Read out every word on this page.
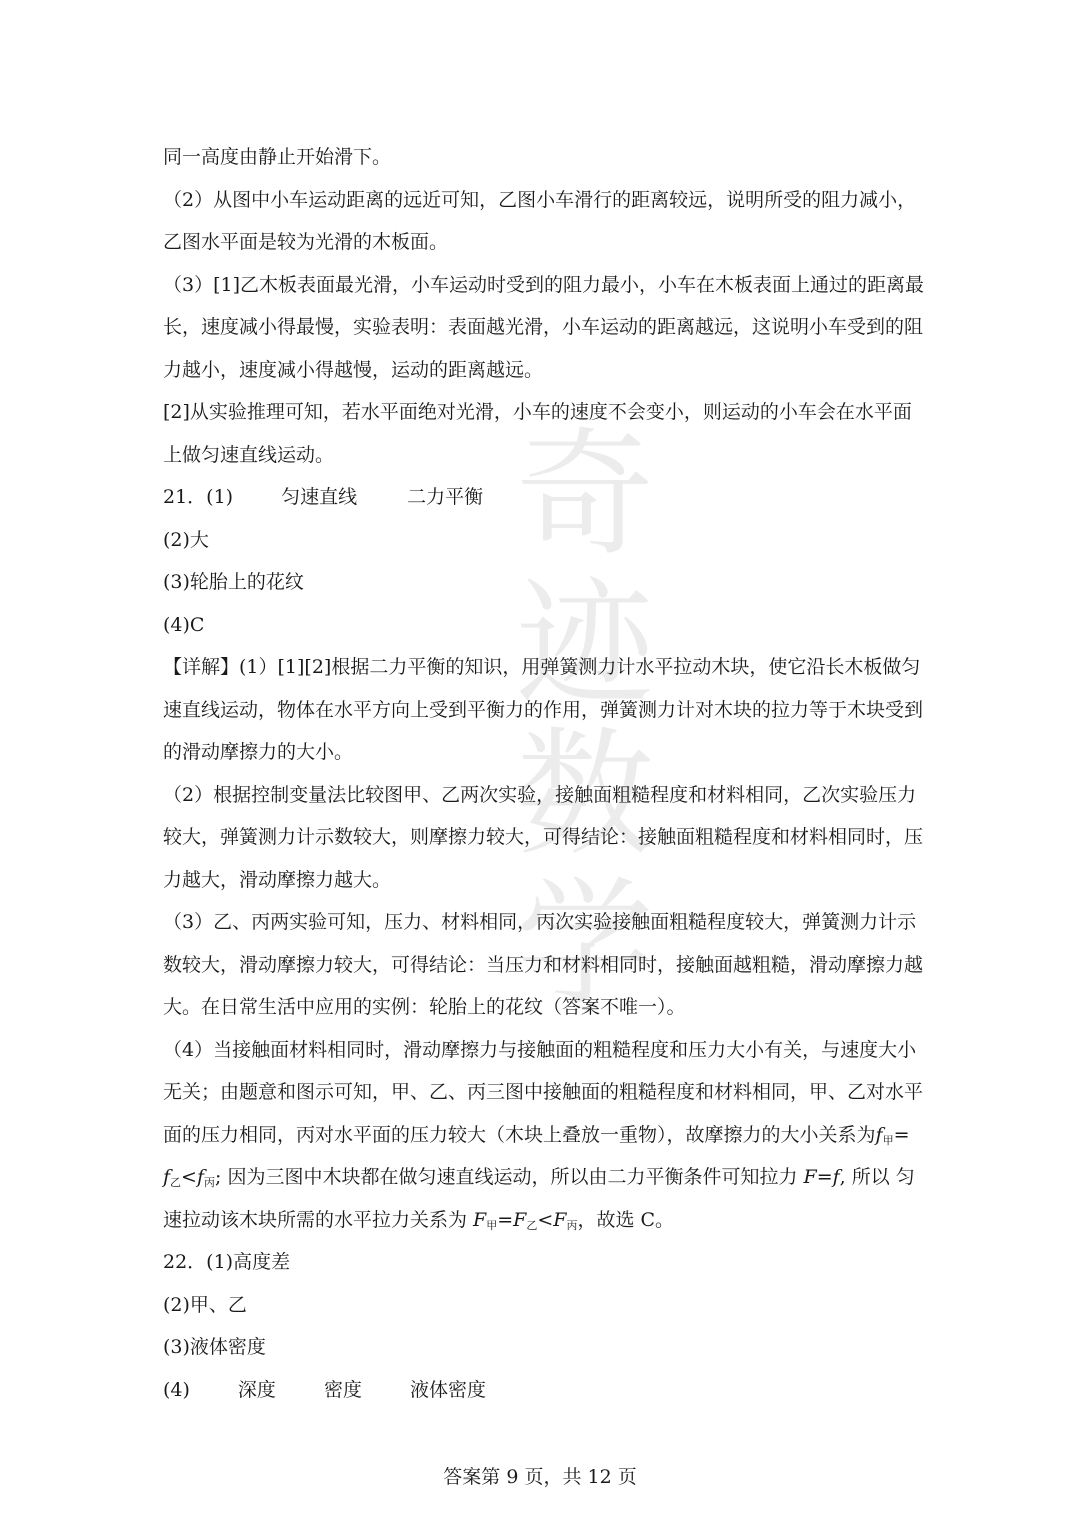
奇
迹
数
学
同一高度由静止开始滑下。
（2）从图中小车运动距离的远近可知，乙图小车滑行的距离较远，说明所受的阻力减小，
乙图水平面是较为光滑的木板面。
（3）[1]乙木板表面最光滑，小车运动时受到的阻力最小，小车在木板表面上通过的距离最
长，速度减小得最慢，实验表明：表面越光滑，小车运动的距离越远，这说明小车受到的阻
力越小，速度减小得越慢，运动的距离越远。
[2]从实验推理可知，若水平面绝对光滑，小车的速度不会变小，则运动的小车会在水平面
上做匀速直线运动。
21．(1)	匀速直线	二力平衡
(2)大
(3)轮胎上的花纹
(4)C
【详解】(1）[1][2]根据二力平衡的知识，用弹簧测力计水平拉动木块，使它沿长木板做匀
速直线运动，物体在水平方向上受到平衡力的作用，弹簧测力计对木块的拉力等于木块受到
的滑动摩擦力的大小。
（2）根据控制变量法比较图甲、乙两次实验，接触面粗糙程度和材料相同，乙次实验压力
较大，弹簧测力计示数较大，则摩擦力较大，可得结论：接触面粗糙程度和材料相同时，压
力越大，滑动摩擦力越大。
（3）乙、丙两实验可知，压力、材料相同，丙次实验接触面粗糙程度较大，弹簧测力计示
数较大，滑动摩擦力较大，可得结论：当压力和材料相同时，接触面越粗糙，滑动摩擦力越
大。在日常生活中应用的实例：轮胎上的花纹（答案不唯一）。
（4）当接触面材料相同时，滑动摩擦力与接触面的粗糙程度和压力大小有关，与速度大小
无关；由题意和图示可知，甲、乙、丙三图中接触面的粗糙程度和材料相同，甲、乙对水平
面的压力相同，丙对水平面的压力较大（木块上叠放一重物），故摩擦力的大小关系为$f_甲=$
$f_乙<f_丙$; 因为三图中木块都在做匀速直线运动，所以由二力平衡条件可知拉力 F=f, 所以 匀
速拉动该木块所需的水平拉力关系为 $F_甲=F_乙<F_丙$，故选 C。
22．(1)高度差
(2)甲、乙
(3)液体密度
(4)	深度	密度	液体密度
答案第 9 页，共 12 页
